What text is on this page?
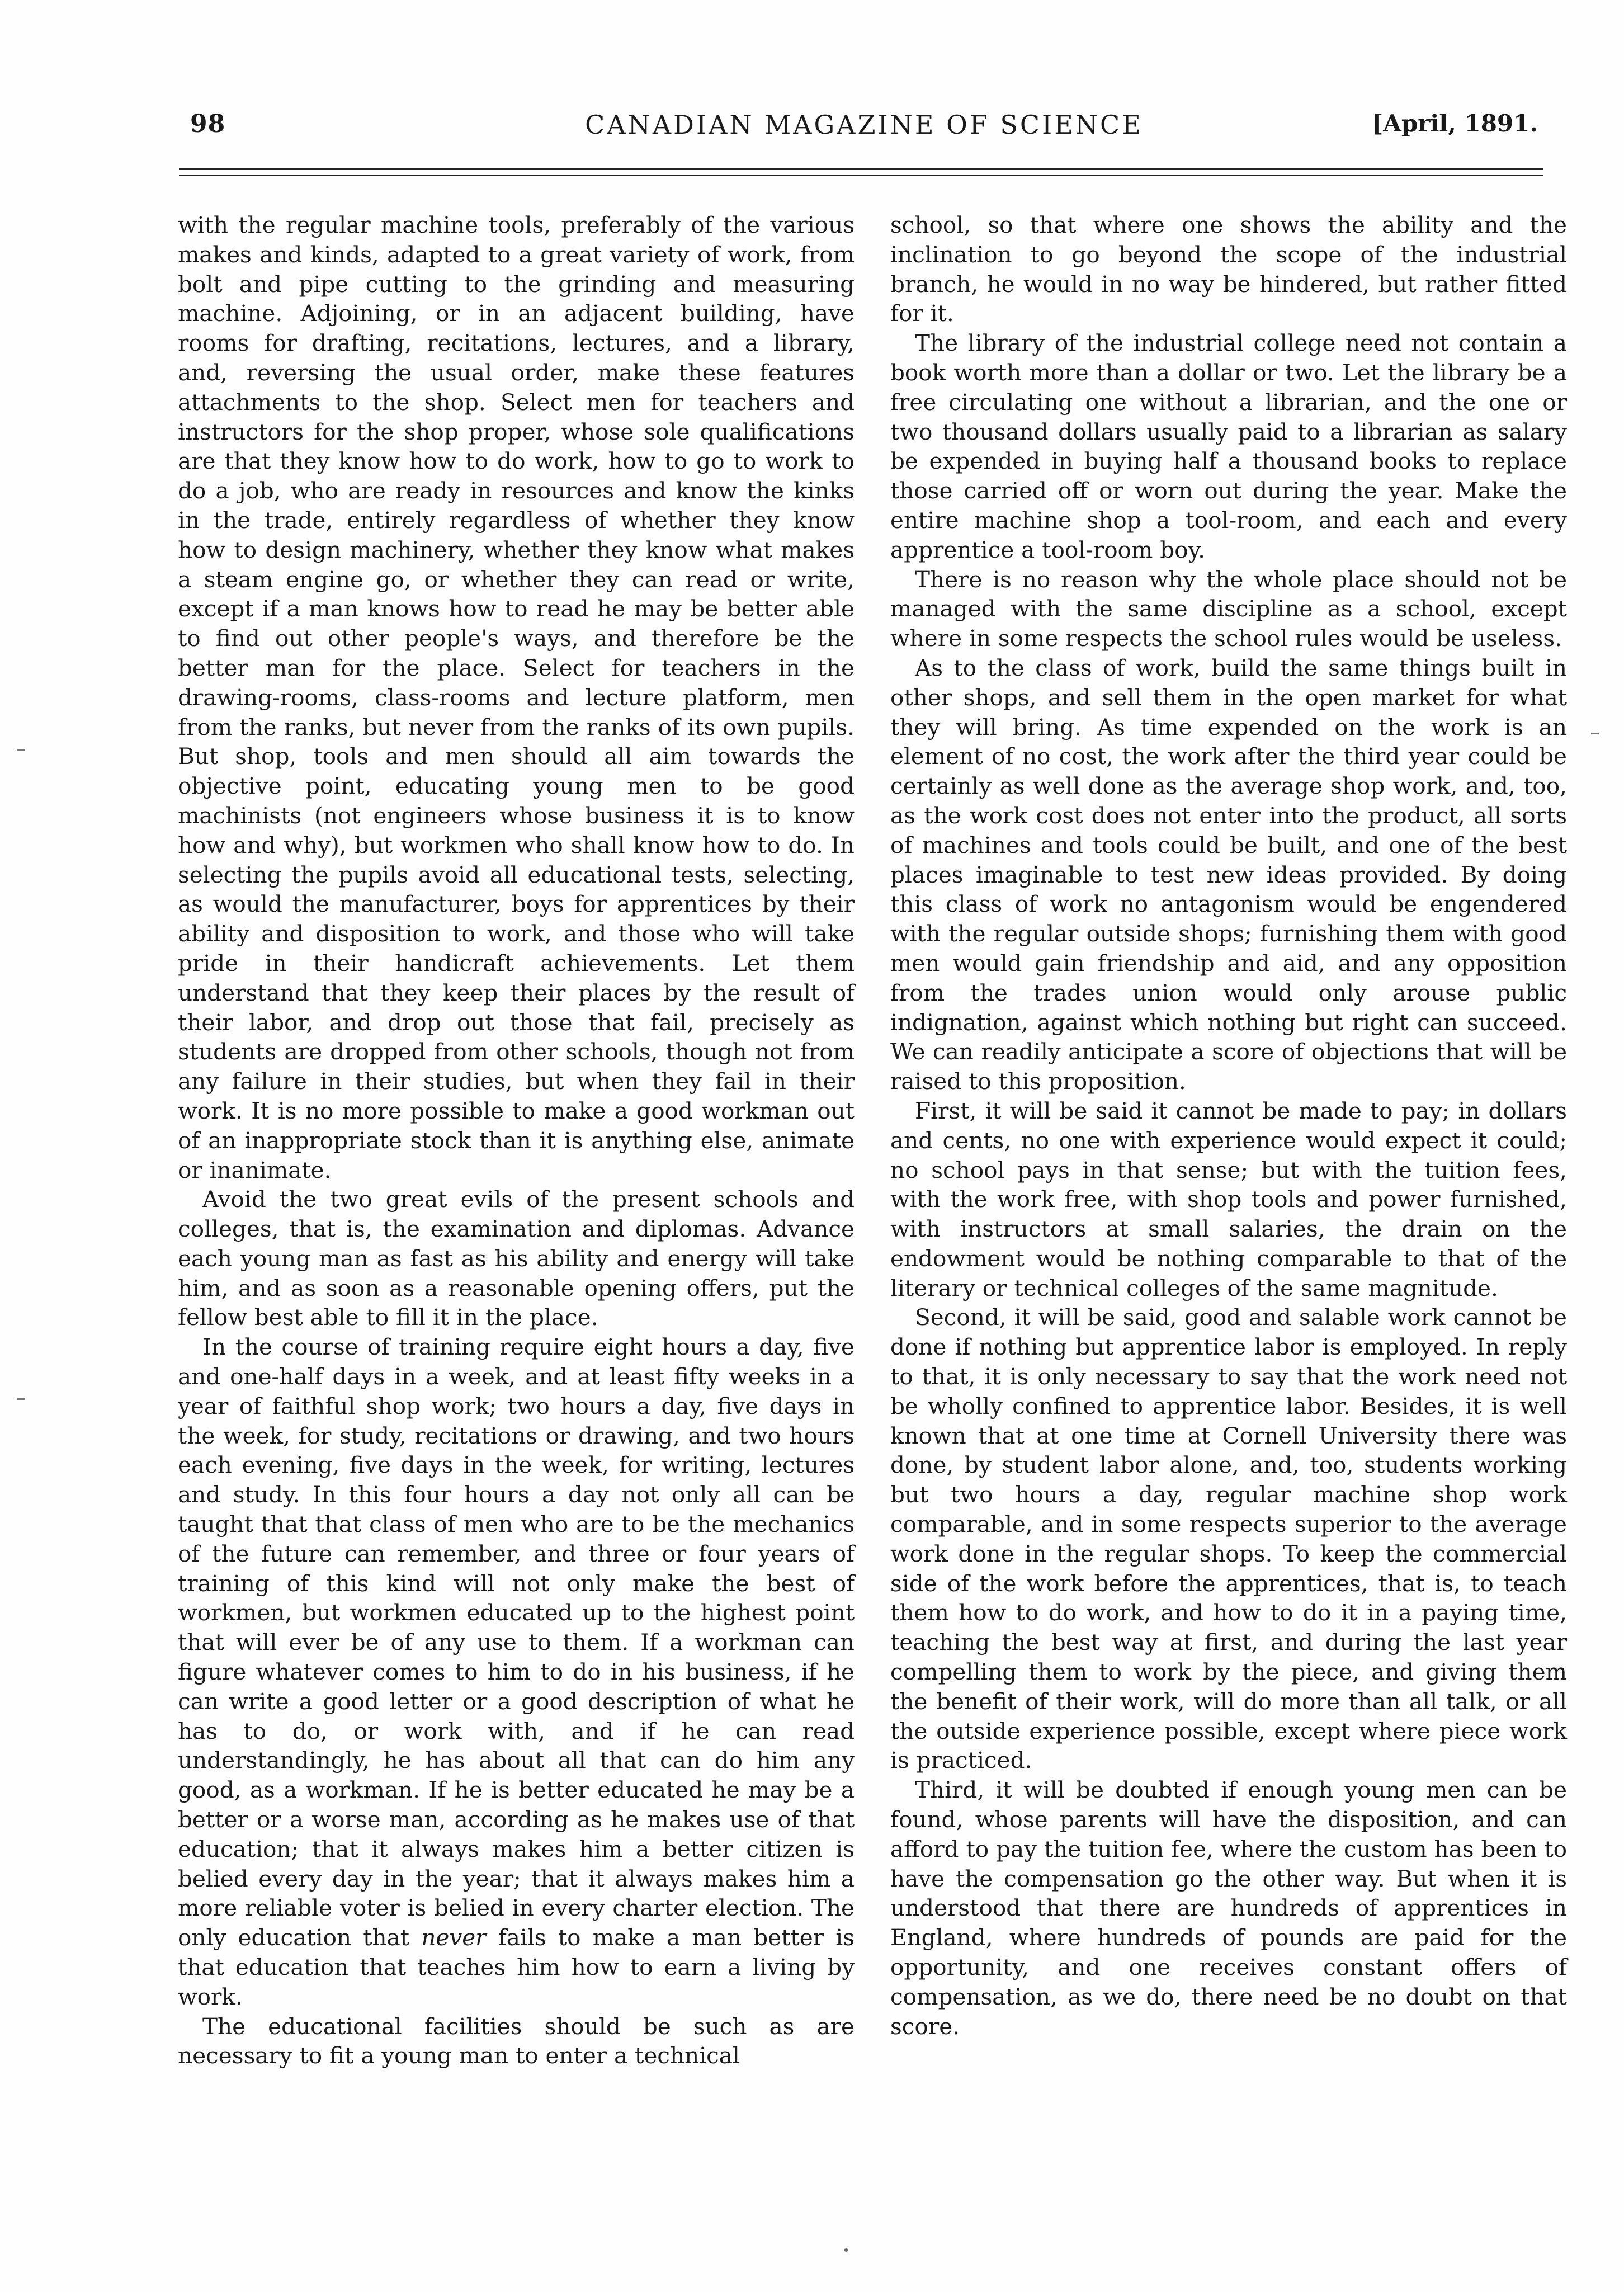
98	CANADIAN MAGAZINE OF SCIENCE	[April, 1891.

with the regular machine tools, preferably of the various makes and kinds, adapted to a great variety of work, from bolt and pipe cutting to the grinding and measuring machine. Adjoining, or in an adjacent building, have rooms for drafting, recitations, lectures, and a library, and, reversing the usual order, make these features attachments to the shop. Select men for teachers and instructors for the shop proper, whose sole qualifications are that they know how to do work, how to go to work to do a job, who are ready in resources and know the kinks in the trade, entirely regardless of whether they know how to design machinery, whether they know what makes a steam engine go, or whether they can read or write, except if a man knows how to read he may be better able to find out other people's ways, and therefore be the better man for the place. Select for teachers in the drawing-rooms, class-rooms and lecture platform, men from the ranks, but never from the ranks of its own pupils. But shop, tools and men should all aim towards the objective point, educating young men to be good machinists (not engineers whose business it is to know how and why), but workmen who shall know how to do. In selecting the pupils avoid all educational tests, selecting, as would the manufacturer, boys for apprentices by their ability and disposition to work, and those who will take pride in their handicraft achievements. Let them understand that they keep their places by the result of their labor, and drop out those that fail, precisely as students are dropped from other schools, though not from any failure in their studies, but when they fail in their work. It is no more possible to make a good workman out of an inappropriate stock than it is anything else, animate or inanimate.

Avoid the two great evils of the present schools and colleges, that is, the examination and diplomas. Advance each young man as fast as his ability and energy will take him, and as soon as a reasonable opening offers, put the fellow best able to fill it in the place.

In the course of training require eight hours a day, five and one-half days in a week, and at least fifty weeks in a year of faithful shop work; two hours a day, five days in the week, for study, recitations or drawing, and two hours each evening, five days in the week, for writing, lectures and study. In this four hours a day not only all can be taught that that class of men who are to be the mechanics of the future can remember, and three or four years of training of this kind will not only make the best of workmen, but workmen educated up to the highest point that will ever be of any use to them. If a workman can figure whatever comes to him to do in his business, if he can write a good letter or a good description of what he has to do, or work with, and if he can read understandingly, he has about all that can do him any good, as a workman. If he is better educated he may be a better or a worse man, according as he makes use of that education; that it always makes him a better citizen is belied every day in the year; that it always makes him a more reliable voter is belied in every charter election. The only education that never fails to make a man better is that education that teaches him how to earn a living by work.

The educational facilities should be such as are necessary to fit a young man to enter a technical

school, so that where one shows the ability and the inclination to go beyond the scope of the industrial branch, he would in no way be hindered, but rather fitted for it.

The library of the industrial college need not contain a book worth more than a dollar or two. Let the library be a free circulating one without a librarian, and the one or two thousand dollars usually paid to a librarian as salary be expended in buying half a thousand books to replace those carried off or worn out during the year. Make the entire machine shop a tool-room, and each and every apprentice a tool-room boy.

There is no reason why the whole place should not be managed with the same discipline as a school, except where in some respects the school rules would be useless.

As to the class of work, build the same things built in other shops, and sell them in the open market for what they will bring. As time expended on the work is an element of no cost, the work after the third year could be certainly as well done as the average shop work, and, too, as the work cost does not enter into the product, all sorts of machines and tools could be built, and one of the best places imaginable to test new ideas provided. By doing this class of work no antagonism would be engendered with the regular outside shops; furnishing them with good men would gain friendship and aid, and any opposition from the trades union would only arouse public indignation, against which nothing but right can succeed. We can readily anticipate a score of objections that will be raised to this proposition.

First, it will be said it cannot be made to pay; in dollars and cents, no one with experience would expect it could; no school pays in that sense; but with the tuition fees, with the work free, with shop tools and power furnished, with instructors at small salaries, the drain on the endowment would be nothing comparable to that of the literary or technical colleges of the same magnitude.

Second, it will be said, good and salable work cannot be done if nothing but apprentice labor is employed. In reply to that, it is only necessary to say that the work need not be wholly confined to apprentice labor. Besides, it is well known that at one time at Cornell University there was done, by student labor alone, and, too, students working but two hours a day, regular machine shop work comparable, and in some respects superior to the average work done in the regular shops. To keep the commercial side of the work before the apprentices, that is, to teach them how to do work, and how to do it in a paying time, teaching the best way at first, and during the last year compelling them to work by the piece, and giving them the benefit of their work, will do more than all talk, or all the outside experience possible, except where piece work is practiced.

Third, it will be doubted if enough young men can be found, whose parents will have the disposition, and can afford to pay the tuition fee, where the custom has been to have the compensation go the other way. But when it is understood that there are hundreds of apprentices in England, where hundreds of pounds are paid for the opportunity, and one receives constant offers of compensation, as we do, there need be no doubt on that score.
